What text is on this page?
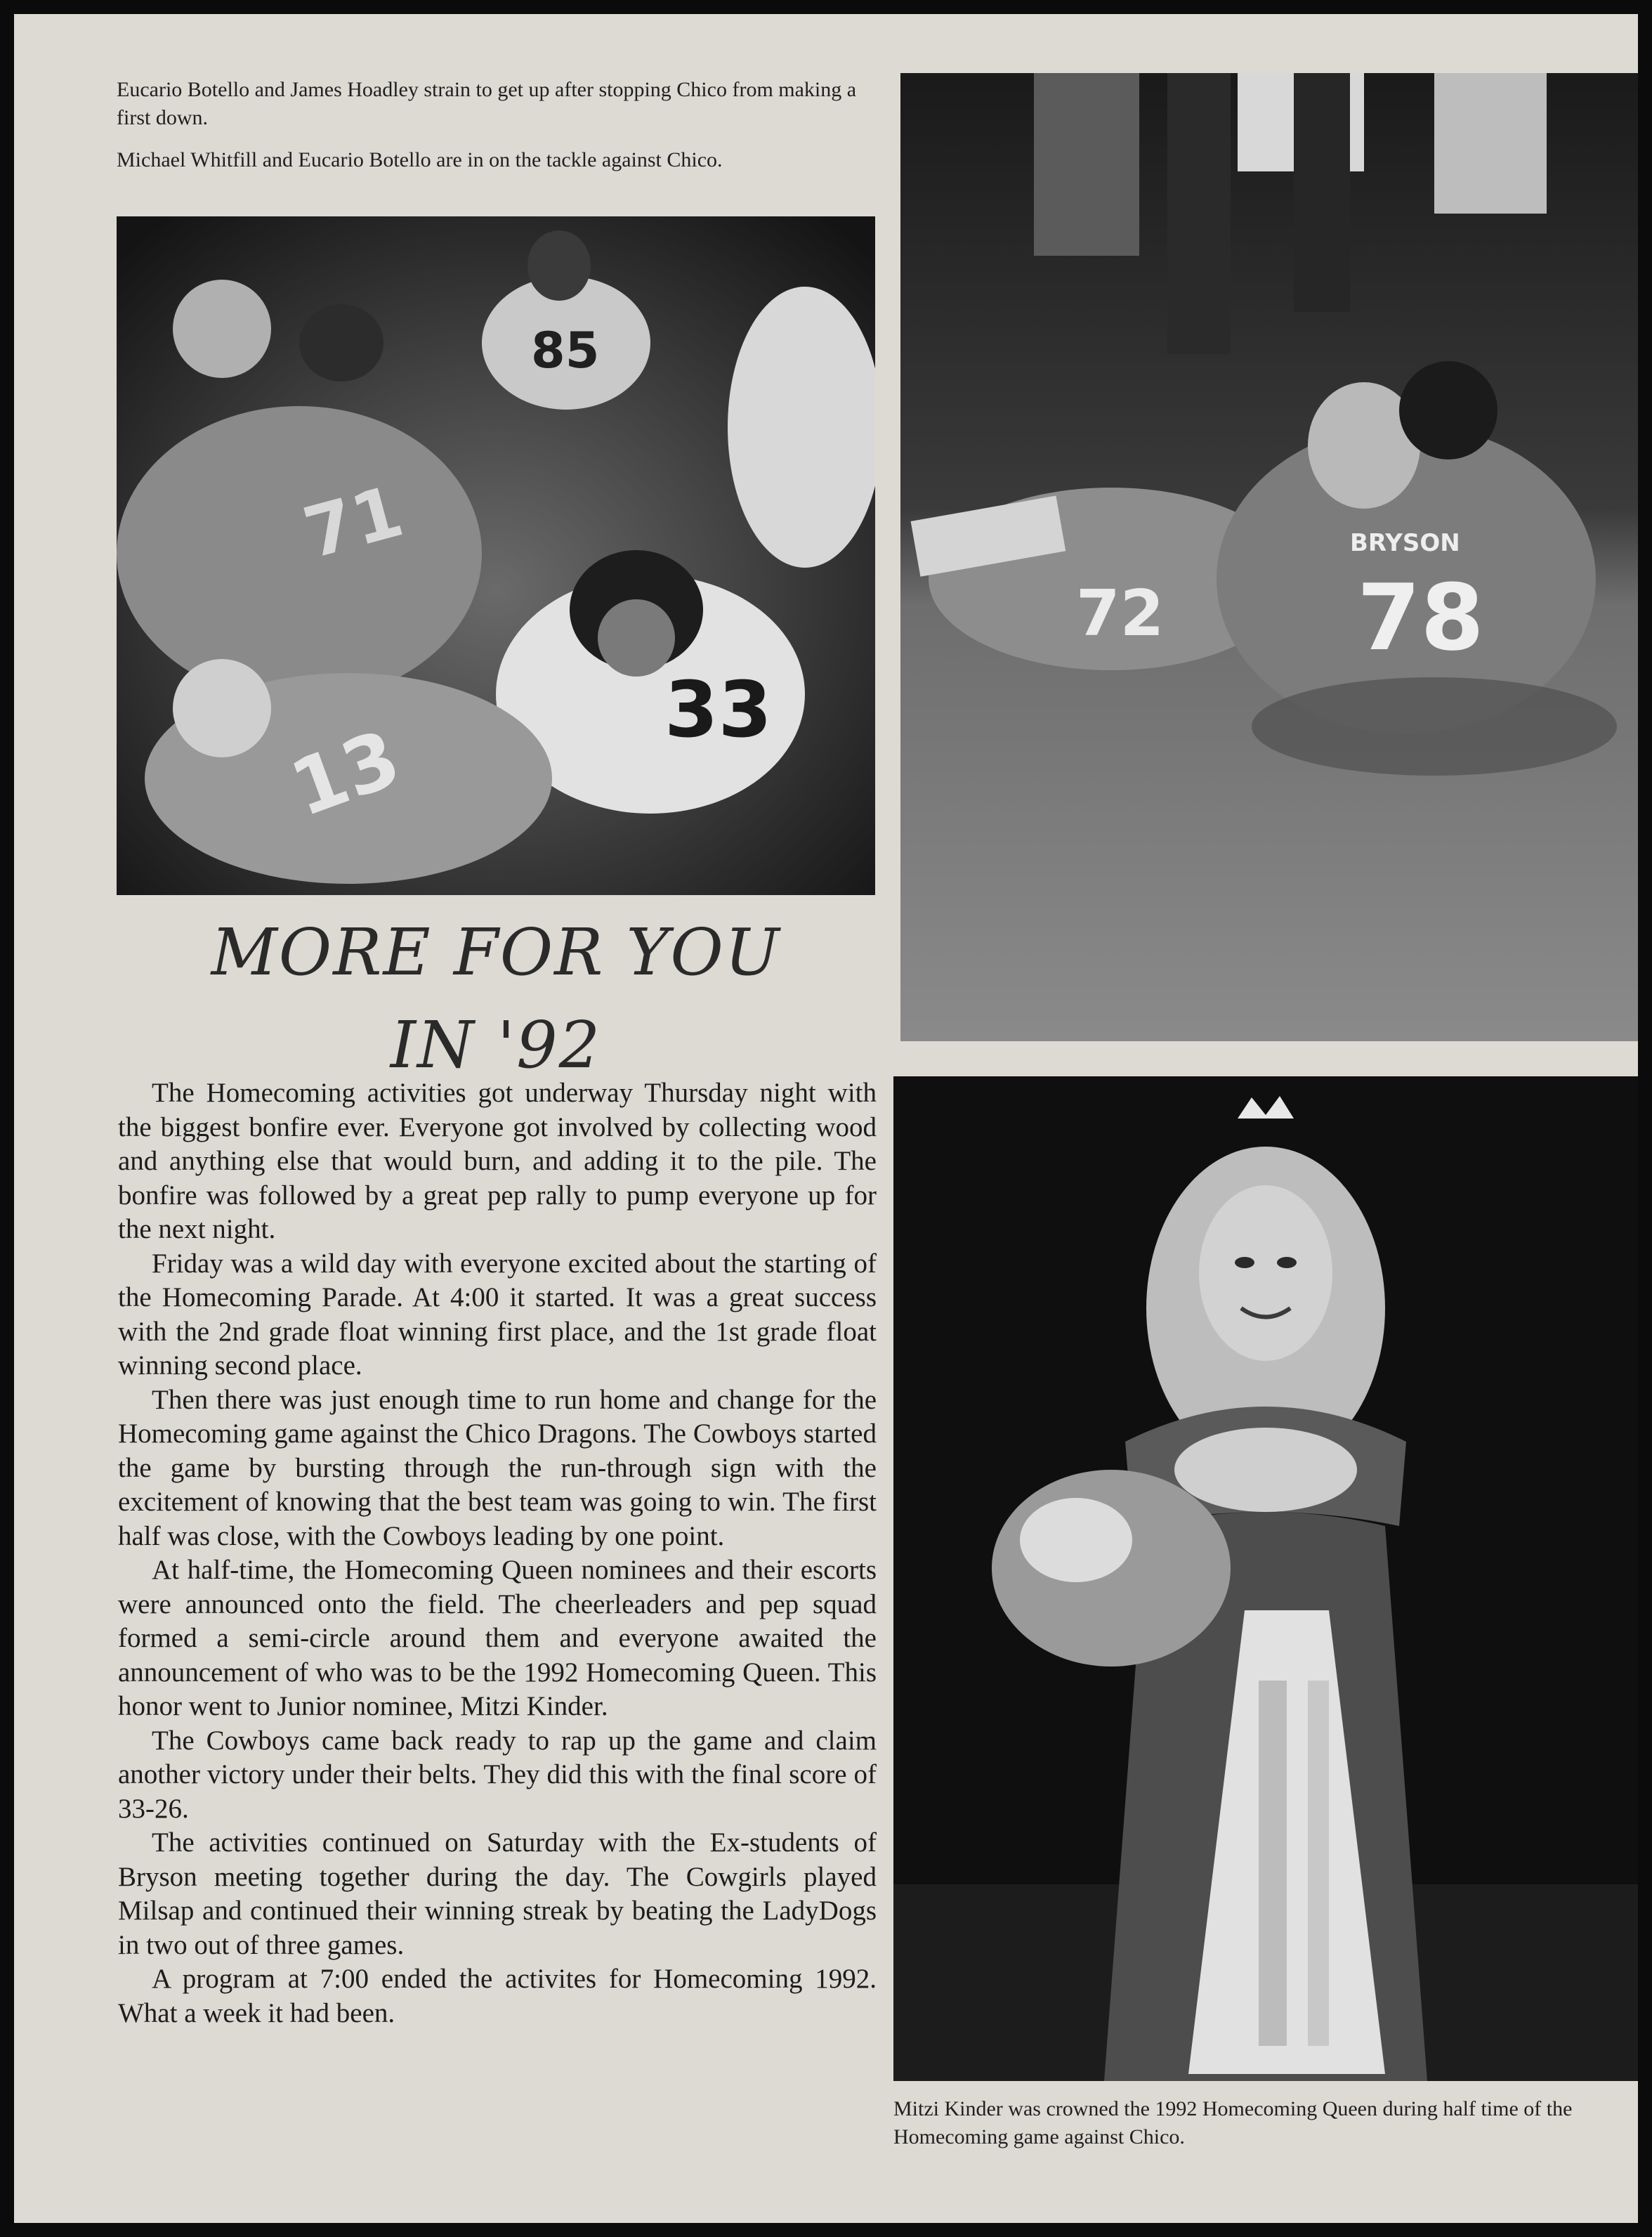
Eucario Botello and James Hoadley strain to get up after stopping Chico from making a first down.

Michael Whitfill and Eucario Botello are in on the tackle against Chico.

85
71
33
13
72
BRYSON
78
MORE FOR YOU
IN '92

The Homecoming activities got underway Thursday night with the biggest bonfire ever. Everyone got involved by collecting wood and anything else that would burn, and adding it to the pile. The bonfire was followed by a great pep rally to pump everyone up for the next night.

Friday was a wild day with everyone excited about the starting of the Homecoming Parade. At 4:00 it started. It was a great success with the 2nd grade float winning first place, and the 1st grade float winning second place.

Then there was just enough time to run home and change for the Homecoming game against the Chico Dragons. The Cowboys started the game by bursting through the run-through sign with the excitement of knowing that the best team was going to win. The first half was close, with the Cowboys leading by one point.

At half-time, the Homecoming Queen nominees and their escorts were announced onto the field. The cheerleaders and pep squad formed a semi-circle around them and everyone awaited the announcement of who was to be the 1992 Homecoming Queen. This honor went to Junior nominee, Mitzi Kinder.

The Cowboys came back ready to rap up the game and claim another victory under their belts. They did this with the final score of 33-26.

The activities continued on Saturday with the Ex-students of Bryson meeting together during the day. The Cowgirls played Milsap and continued their winning streak by beating the LadyDogs in two out of three games.

A program at 7:00 ended the activites for Homecoming 1992. What a week it had been.

Mitzi Kinder was crowned the 1992 Homecoming Queen during half time of the Homecoming game against Chico.
